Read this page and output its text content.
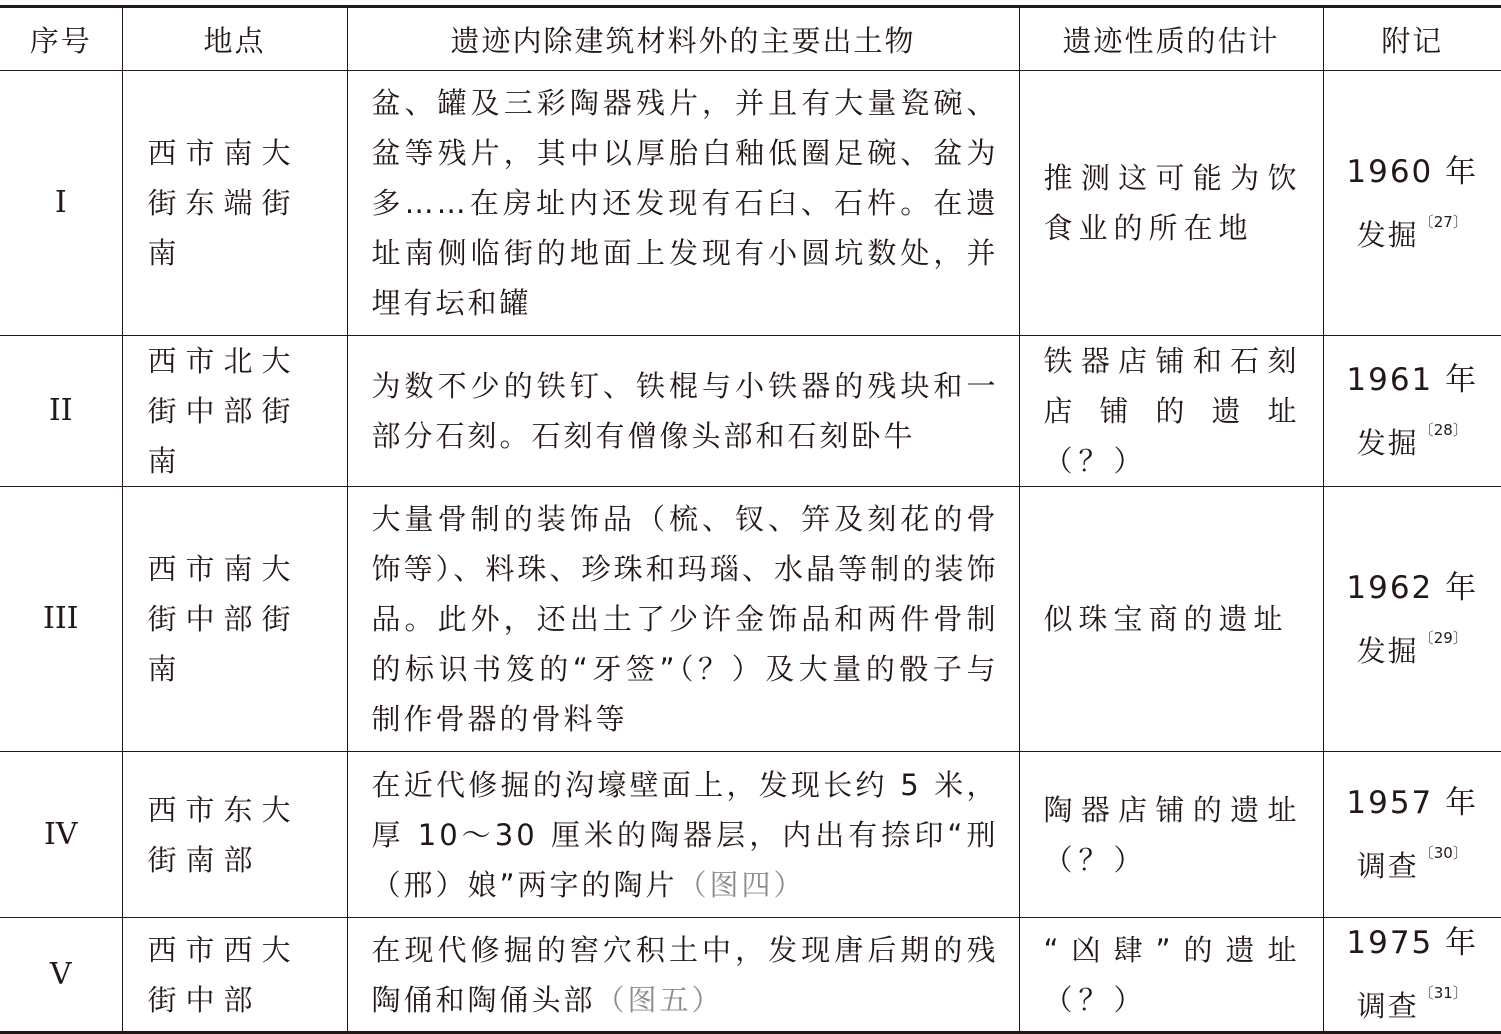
序号	地点	遗迹内除建筑材料外的主要出土物	遗迹性质的估计	附记
I	西市南大街东端街南	盆、罐及三彩陶器残片，并且有大量瓷碗、盆等残片，其中以厚胎白釉低圈足碗、盆为多……在房址内还发现有石臼、石杵。在遗址南侧临街的地面上发现有小圆坑数处，并埋有坛和罐	推测这可能为饮食业的所在地	1960 年
发掘$^{〔27〕}$
II	西市北大街中部街南	为数不少的铁钉、铁棍与小铁器的残块和一部分石刻。石刻有僧像头部和石刻卧牛	铁器店铺和石刻店铺的遗址（？）	1961 年
发掘$^{〔28〕}$
III	西市南大街中部街南	大量骨制的装饰品（梳、钗、笄及刻花的骨饰等）、料珠、珍珠和玛瑙、水晶等制的装饰品。此外，还出土了少许金饰品和两件骨制的标识书笈的“牙签”（？）及大量的骰子与制作骨器的骨料等	似珠宝商的遗址	1962 年
发掘$^{〔29〕}$
IV	西市东大街南部	在近代修掘的沟壕壁面上，发现长约 5 米，厚 10～30 厘米的陶器层，内出有捺印“刑（邢）娘”两字的陶片（图四）	陶器店铺的遗址（？）	1957 年
调查$^{〔30〕}$
V	西市西大街中部	在现代修掘的窖穴积土中，发现唐后期的残陶俑和陶俑头部（图五）	“凶肆”的遗址（？）	1975 年
调查$^{〔31〕}$
